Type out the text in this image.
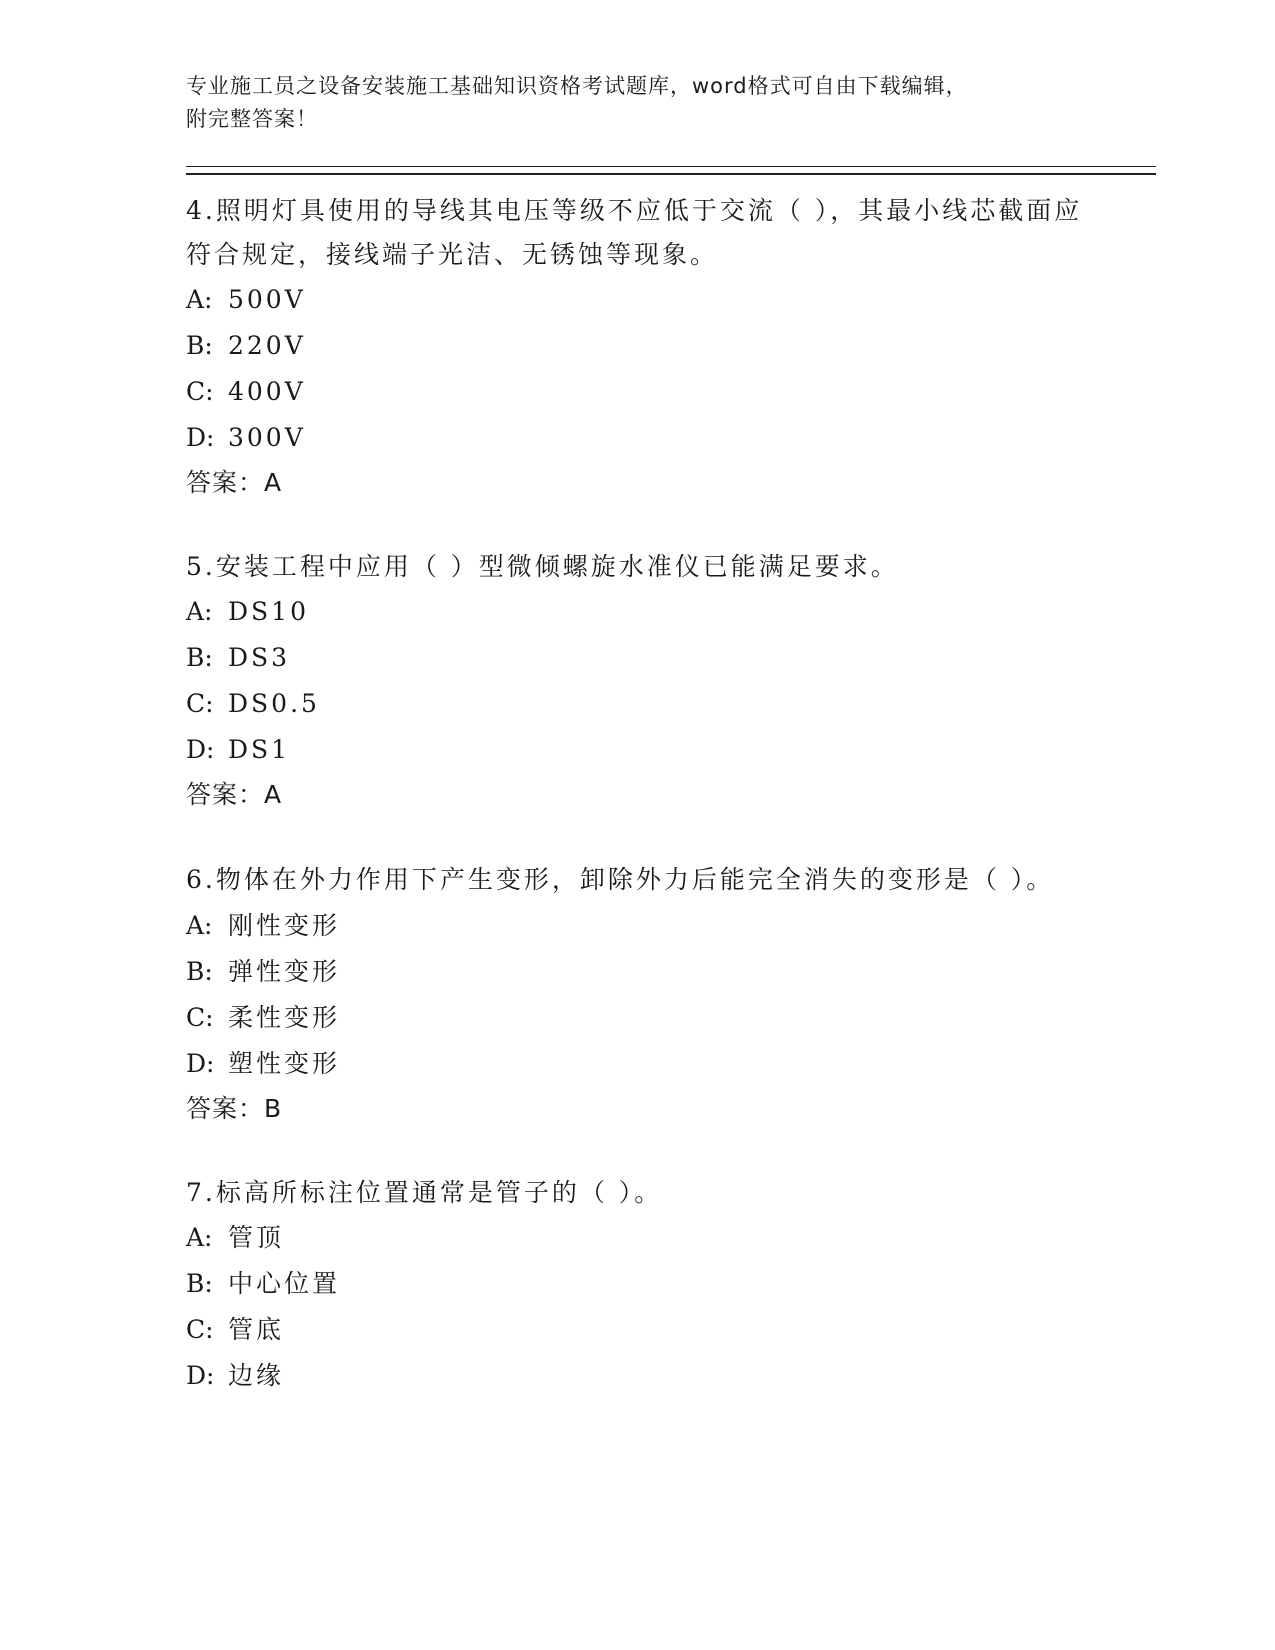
专业施工员之设备安装施工基础知识资格考试题库，word格式可自由下载编辑，
附完整答案！
4.照明灯具使用的导线其电压等级不应低于交流（ ），其最小线芯截面应符合规定，接线端子光洁、无锈蚀等现象。
A: 500V
B: 220V
C: 400V
D: 300V
答案：A
5.安装工程中应用（ ）型微倾螺旋水准仪已能满足要求。
A: DS10
B: DS3
C: DS0.5
D: DS1
答案：A
6.物体在外力作用下产生变形，卸除外力后能完全消失的变形是（ ）。
A: 刚性变形
B: 弹性变形
C: 柔性变形
D: 塑性变形
答案：B
7.标高所标注位置通常是管子的（ ）。
A: 管顶
B: 中心位置
C: 管底
D: 边缘
